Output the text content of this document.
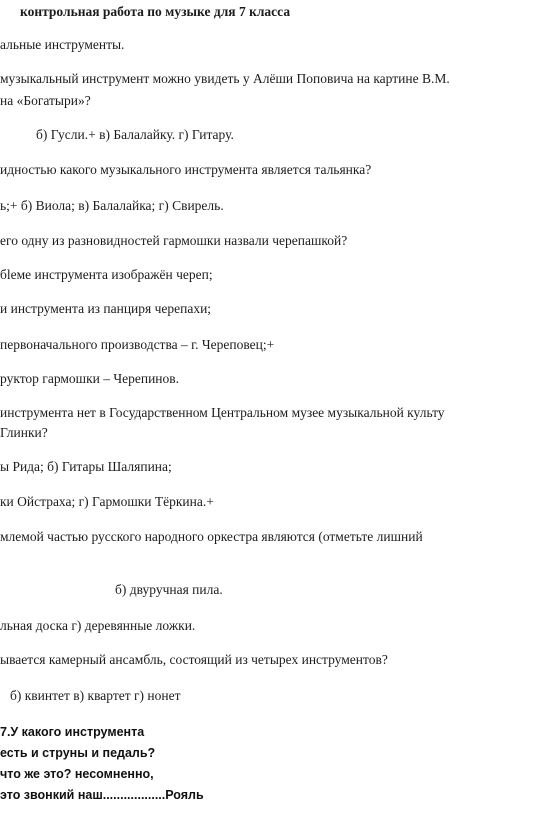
контрольная работа по музыке для 7 класса
альные инструменты.
музыкальный инструмент можно увидеть у Алёши Поповича на картине В.М.
на «Богатыри»?
б) Гусли.+ в) Балалайку. г) Гитару.
идностью какого музыкального инструмента является тальянка?
ь;+ б) Виола; в) Балалайка; г) Свирель.
его одну из разновидностей гармошки назвали черепашкой?
бleме инструмента изображён череп;
и инструмента из панциря черепахи;
первоначального производства – г. Череповец;+
руктор гармошки – Черепинов.
инструмента нет в Государственном Центральном музее музыкальной культу
Глинки?
ы Рида; б) Гитары Шаляпина;
ки Ойстраха; г) Гармошки Тёркина.+
млемой частью русского народного оркестра являются (отметьте лишний
б) двуручная пила.
льная доска г) деревянные ложки.
ывается камерный ансамбль, состоящий из четырех инструментов?
б) квинтет в) квартет г) нонет
7.У какого инструмента
есть и струны и педаль?
что же это? несомненно,
это звонкий наш..................Рояль
